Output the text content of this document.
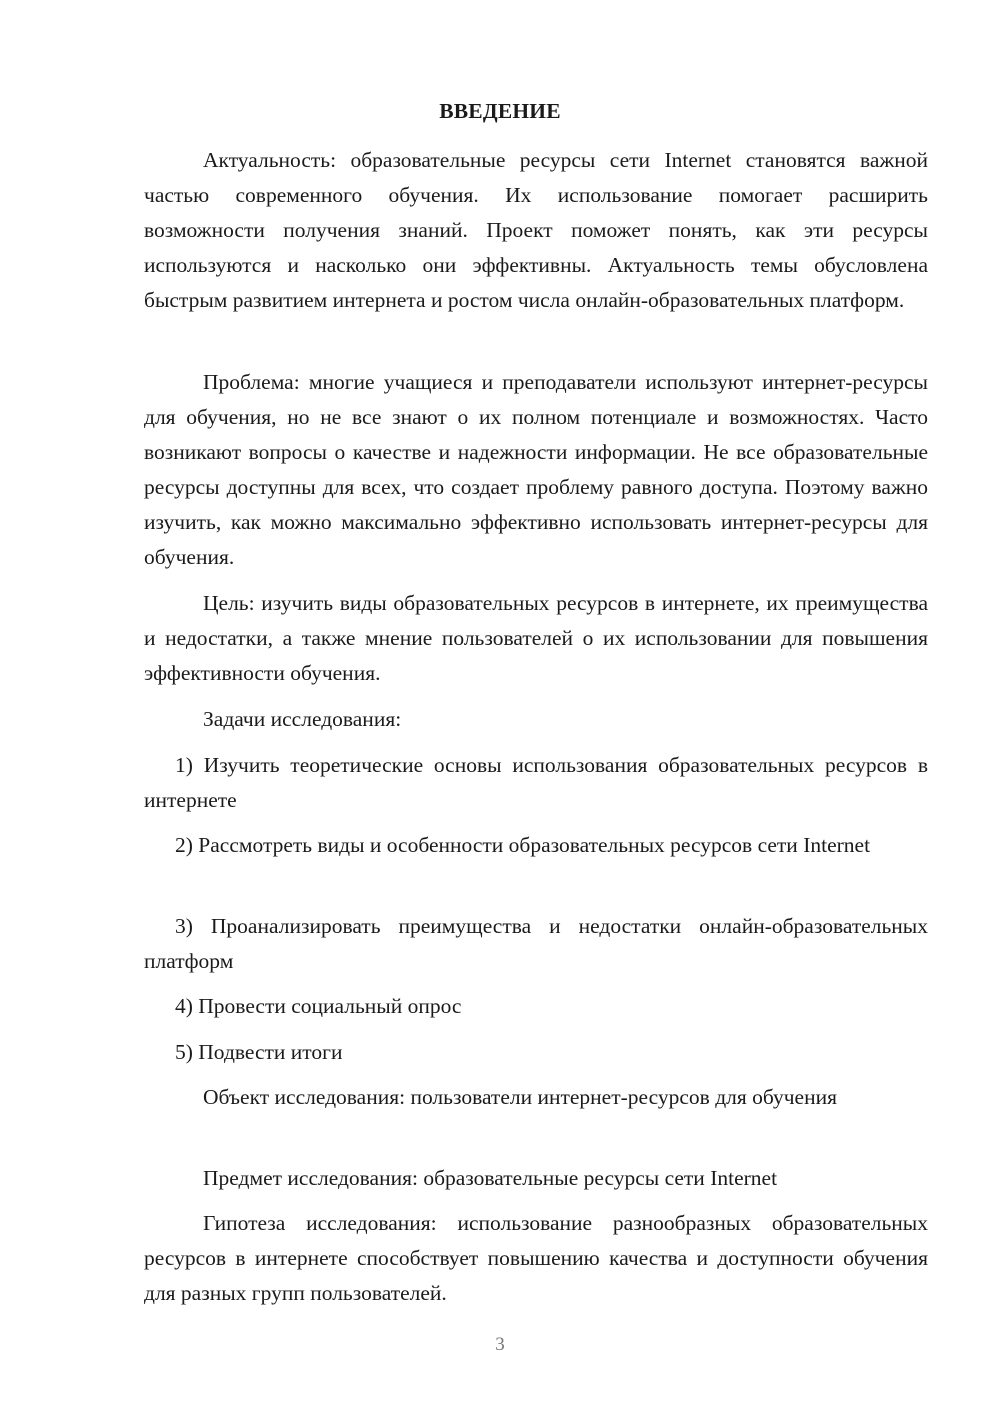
ВВЕДЕНИЕ

Актуальность: образовательные ресурсы сети Internet становятся важной частью современного обучения. Их использование помогает расширить возможности получения знаний. Проект поможет понять, как эти ресурсы используются и насколько они эффективны. Актуальность темы обусловлена быстрым развитием интернета и ростом числа онлайн-образовательных платформ.

Проблема: многие учащиеся и преподаватели используют интернет-ресурсы для обучения, но не все знают о их полном потенциале и возможностях. Часто возникают вопросы о качестве и надежности информации. Не все образовательные ресурсы доступны для всех, что создает проблему равного доступа. Поэтому важно изучить, как можно максимально эффективно использовать интернет-ресурсы для обучения.

Цель: изучить виды образовательных ресурсов в интернете, их преимущества и недостатки, а также мнение пользователей о их использовании для повышения эффективности обучения.

Задачи исследования:

1) Изучить теоретические основы использования образовательных ресурсов в интернете

2) Рассмотреть виды и особенности образовательных ресурсов сети Internet

3) Проанализировать преимущества и недостатки онлайн-образовательных платформ

4) Провести социальный опрос

5) Подвести итоги

Объект исследования: пользователи интернет-ресурсов для обучения

Предмет исследования: образовательные ресурсы сети Internet

Гипотеза исследования: использование разнообразных образовательных ресурсов в интернете способствует повышению качества и доступности обучения для разных групп пользователей.

3
